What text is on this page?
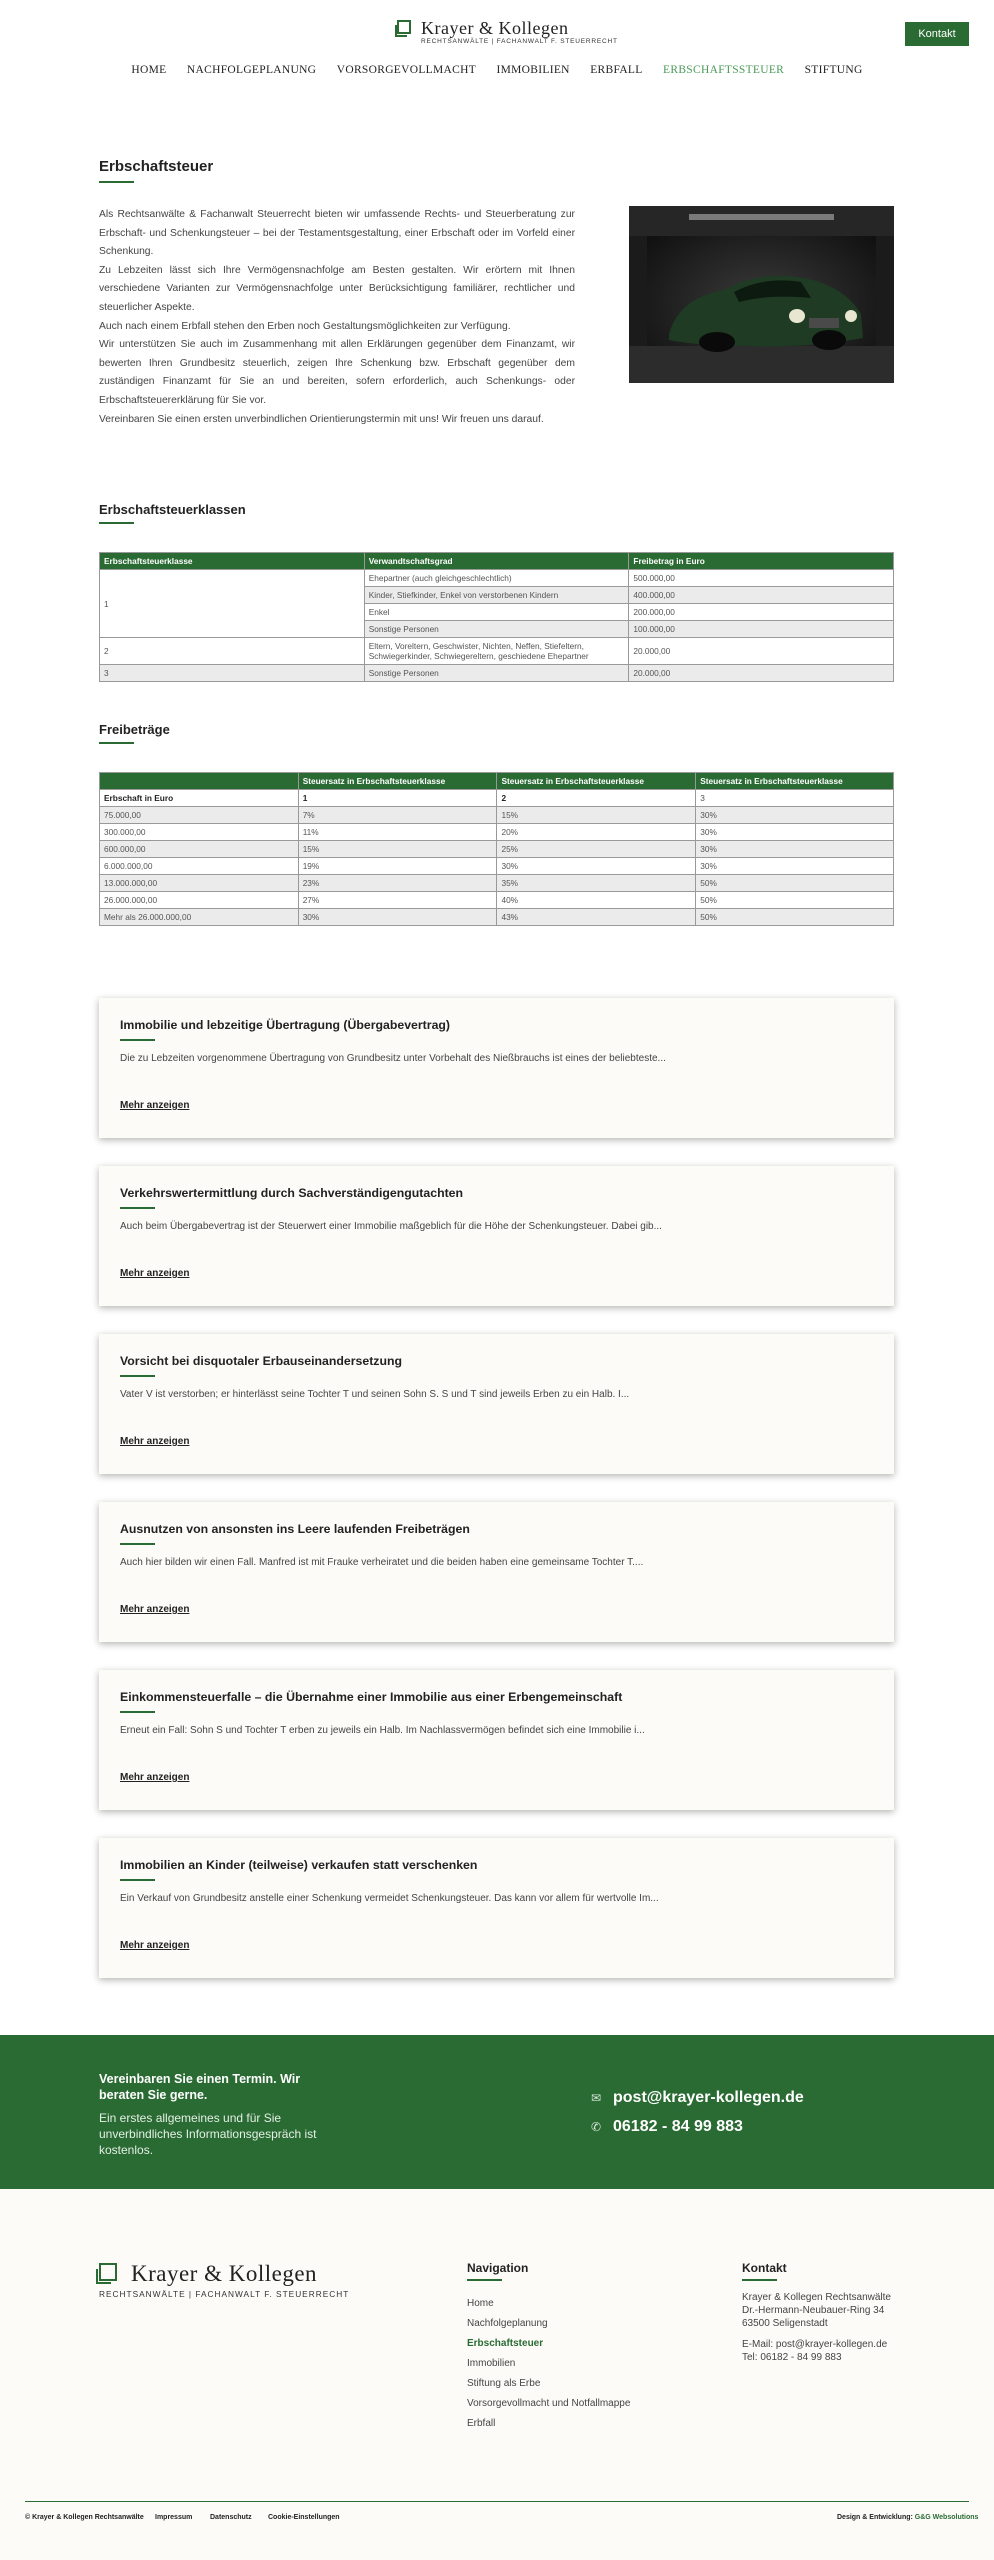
Krayer & Kollegen
RECHTSANWÄLTE | FACHANWALT F. STEUERRECHT
Kontakt
HOME NACHFOLGEPLANUNG VORSORGEVOLLMACHT IMMOBILIEN ERBFALL ERBSCHAFTSSTEUER STIFTUNG
Erbschaftsteuer

Als Rechtsanwälte & Fachanwalt Steuerrecht bieten wir umfassende Rechts- und Steuerberatung zur Erbschaft- und Schenkungsteuer – bei der Testamentsgestaltung, einer Erbschaft oder im Vorfeld einer Schenkung.

Zu Lebzeiten lässt sich Ihre Vermögensnachfolge am Besten gestalten. Wir erörtern mit Ihnen verschiedene Varianten zur Vermögensnachfolge unter Berücksichtigung familiärer, rechtlicher und steuerlicher Aspekte.

Auch nach einem Erbfall stehen den Erben noch Gestaltungsmöglichkeiten zur Verfügung.

Wir unterstützen Sie auch im Zusammenhang mit allen Erklärungen gegenüber dem Finanzamt, wir bewerten Ihren Grundbesitz steuerlich, zeigen Ihre Schenkung bzw. Erbschaft gegenüber dem zuständigen Finanzamt für Sie an und bereiten, sofern erforderlich, auch Schenkungs- oder Erbschaftsteuererklärung für Sie vor.

Vereinbaren Sie einen ersten unverbindlichen Orientierungstermin mit uns! Wir freuen uns darauf.

Erbschaftsteuerklassen
Erbschaftsteuerklasse	Verwandtschaftsgrad	Freibetrag in Euro
1	Ehepartner (auch gleichgeschlechtlich)	500.000,00
	Kinder, Stiefkinder, Enkel von verstorbenen Kindern	400.000,00
	Enkel	200.000,00
	Sonstige Personen	100.000,00
2	Eltern, Voreltern, Geschwister, Nichten, Neffen, Stiefeltern, Schwiegerkinder, Schwiegereltern, geschiedene Ehepartner	20.000,00
3	Sonstige Personen	20.000,00
Freibeträge
	Steuersatz in Erbschaftsteuerklasse	Steuersatz in Erbschaftsteuerklasse	Steuersatz in Erbschaftsteuerklasse
Erbschaft in Euro	1	2	3
75.000,00	7%	15%	30%
300.000,00	11%	20%	30%
600.000,00	15%	25%	30%
6.000.000,00	19%	30%	30%
13.000.000,00	23%	35%	50%
26.000.000,00	27%	40%	50%
Mehr als 26.000.000,00	30%	43%	50%
Immobilie und lebzeitige Übertragung (Übergabevertrag)
Die zu Lebzeiten vorgenommene Übertragung von Grundbesitz unter Vorbehalt des Nießbrauchs ist eines der beliebteste...
Mehr anzeigen
Verkehrswertermittlung durch Sachverständigengutachten
Auch beim Übergabevertrag ist der Steuerwert einer Immobilie maßgeblich für die Höhe der Schenkungsteuer. Dabei gib...
Mehr anzeigen
Vorsicht bei disquotaler Erbauseinandersetzung
Vater V ist verstorben; er hinterlässt seine Tochter T und seinen Sohn S. S und T sind jeweils Erben zu ein Halb. I...
Mehr anzeigen
Ausnutzen von ansonsten ins Leere laufenden Freibeträgen
Auch hier bilden wir einen Fall. Manfred ist mit Frauke verheiratet und die beiden haben eine gemeinsame Tochter T....
Mehr anzeigen
Einkommensteuerfalle – die Übernahme einer Immobilie aus einer Erbengemeinschaft
Erneut ein Fall: Sohn S und Tochter T erben zu jeweils ein Halb. Im Nachlassvermögen befindet sich eine Immobilie i...
Mehr anzeigen
Immobilien an Kinder (teilweise) verkaufen statt verschenken
Ein Verkauf von Grundbesitz anstelle einer Schenkung vermeidet Schenkungsteuer. Das kann vor allem für wertvolle Im...
Mehr anzeigen
Vereinbaren Sie einen Termin. Wir beraten Sie gerne.
Ein erstes allgemeines und für Sie unverbindliches Informationsgespräch ist kostenlos.
✉ post@krayer-kollegen.de
✆ 06182 - 84 99 883
Krayer & Kollegen
RECHTSANWÄLTE | FACHANWALT F. STEUERRECHT
Navigation
Home
Nachfolgeplanung
Erbschaftsteuer
Immobilien
Stiftung als Erbe
Vorsorgevollmacht und Notfallmappe
Erbfall
Kontakt
Krayer & Kollegen Rechtsanwälte
Dr.-Hermann-Neubauer-Ring 34
63500 Seligenstadt
E-Mail: post@krayer-kollegen.de
Tel: 06182 - 84 99 883
© Krayer & Kollegen Rechtsanwälte Impressum	Datenschutz Cookie-Einstellungen	Design & Entwicklung: G&G Websolutions
